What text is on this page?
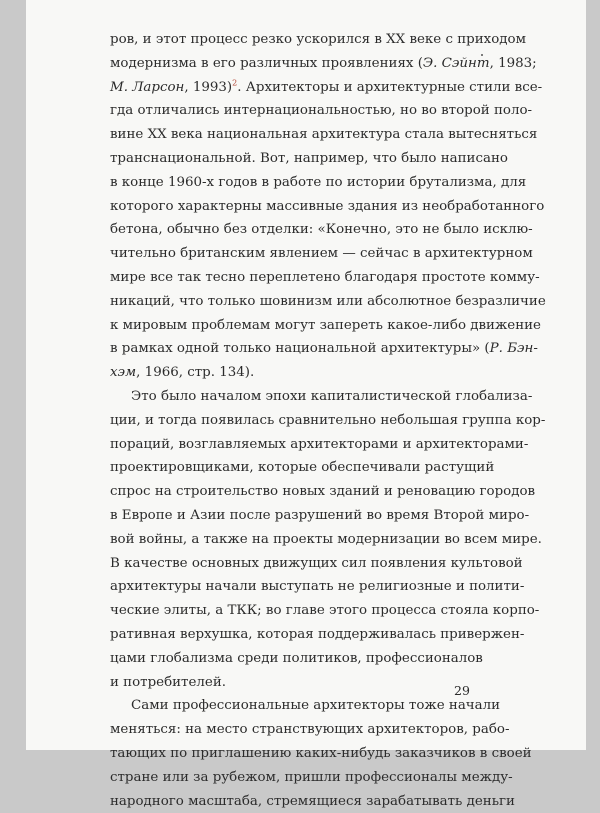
ров, и этот процесс резко ускорился в XX веке с приходом
модернизма в его различных проявлениях (Э. Сэйнт, 1983;
М. Ларсон, 1993)$^2$. Архитекторы и архитектурные стили все-
гда отличались интернациональностью, но во второй поло-
вине XX века национальная архитектура стала вытесняться
транснациональной. Вот, например, что было написано
в конце 1960-х годов в работе по истории брутализма, для
которого характерны массивные здания из необработанного
бетона, обычно без отделки: «Конечно, это не было исклю-
чительно британским явлением — сейчас в архитектурном
мире все так тесно переплетено благодаря простоте комму-
никаций, что только шовинизм или абсолютное безразличие
к мировым проблемам могут запереть какое-либо движение
в рамках одной только национальной архитектуры» (Р. Бэн-
хэм, 1966, стр. 134).
Это было началом эпохи капиталистической глобализа-
ции, и тогда появилась сравнительно небольшая группа кор-
пораций, возглавляемых архитекторами и архитекторами-
проектировщиками, которые обеспечивали растущий
спрос на строительство новых зданий и реновацию городов
в Европе и Азии после разрушений во время Второй миро-
вой войны, а также на проекты модернизации во всем мире.
В качестве основных движущих сил появления культовой
архитектуры начали выступать не религиозные и полити-
ческие элиты, а ТКК; во главе этого процесса стояла корпо-
ративная верхушка, которая поддерживалась привержен-
цами глобализма среди политиков, профессионалов
и потребителей.
Сами профессиональные архитекторы тоже начали
меняться: на место странствующих архитекторов, рабо-
тающих по приглашению каких-нибудь заказчиков в своей
стране или за рубежом, пришли профессионалы между-
народного масштаба, стремящиеся зарабатывать деньги
29
